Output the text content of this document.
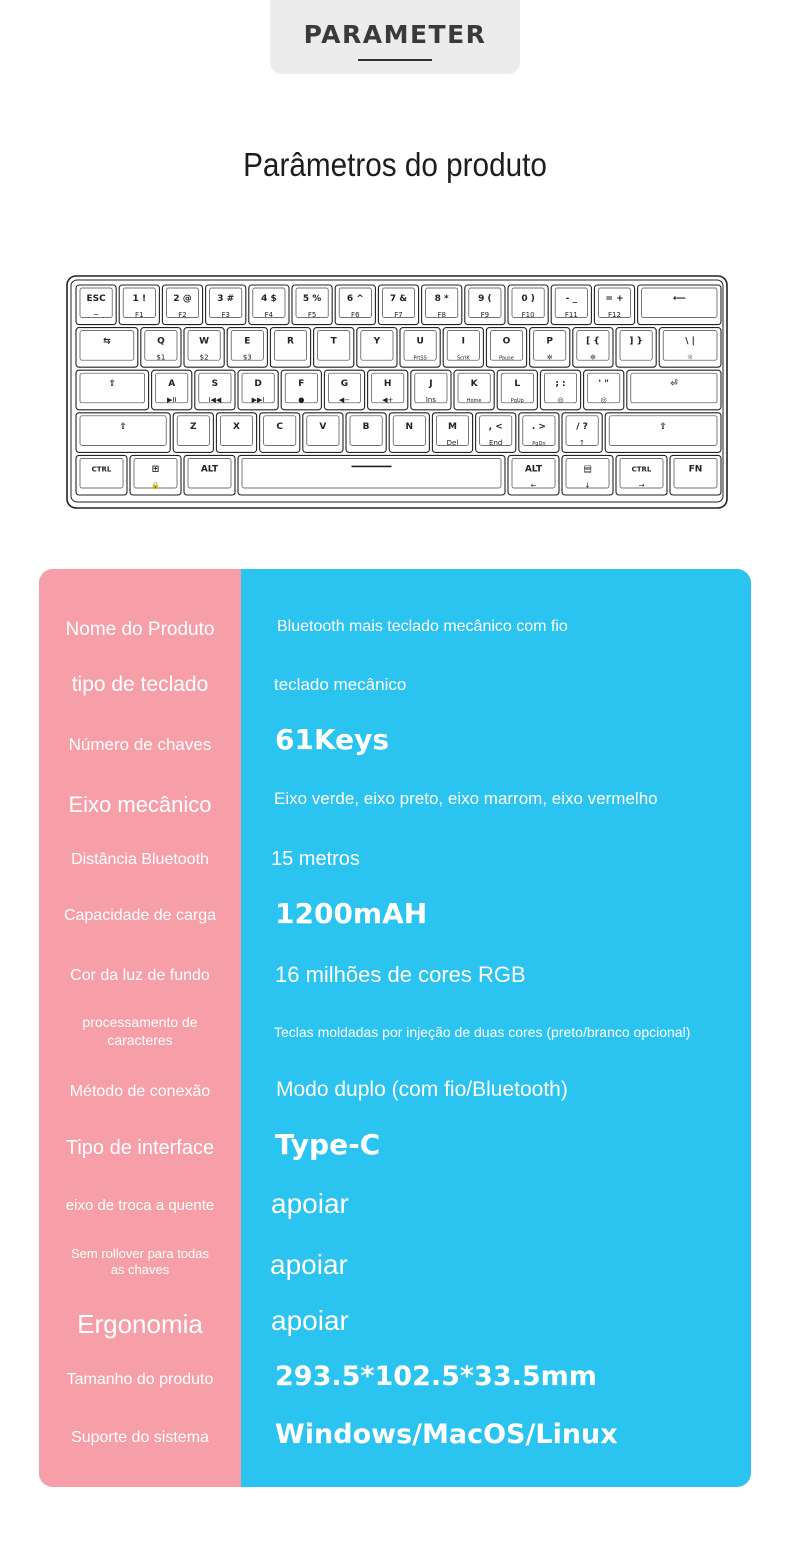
PARAMETER
Parâmetros do produto
ESC
~
1 !
F1
2 @
F2
3 #
F3
4 $
F4
5 %
F5
6 ^
F6
7 &
F7
8 *
F8
9 (
F9
0 )
F10
- _
F11
= +
F12
⟵
⇆	Q
$1
W
$2
E
$3
R	T	Y	U
PrtSS
I
ScrlK
O
Pause
P
✲
[ {
✲
] }	\ |
☼
⇪	A
▶II
S
I◀◀
D
▶▶I
F
●
G
◀−
H
◀+
J
Ins
K
Home
L
PgUp
; :
◎
' "
◎
⏎
⇧	Z	X	C	V	B	N	M
Del
, <
End
. >
PgDn
/ ?
↑
⇧
CTRL	⊞
🔒
ALT	ALT
←
▤
↓
CTRL
→
FN
Nome do Produto	Bluetooth mais teclado mecânico com fio
tipo de teclado	teclado mecânico
Número de chaves	61Keys
Eixo mecânico	Eixo verde, eixo preto, eixo marrom, eixo vermelho
Distância Bluetooth	15 metros
Capacidade de carga	1200mAH
Cor da luz de fundo	16 milhões de cores RGB
processamento de caracteres	Teclas moldadas por injeção de duas cores (preto/branco opcional)
Método de conexão	Modo duplo (com fio/Bluetooth)
Tipo de interface	Type-C
eixo de troca a quente	apoiar
Sem rollover para todas as chaves	apoiar
Ergonomia	apoiar
Tamanho do produto	293.5*102.5*33.5mm
Suporte do sistema	Windows/MacOS/Linux
